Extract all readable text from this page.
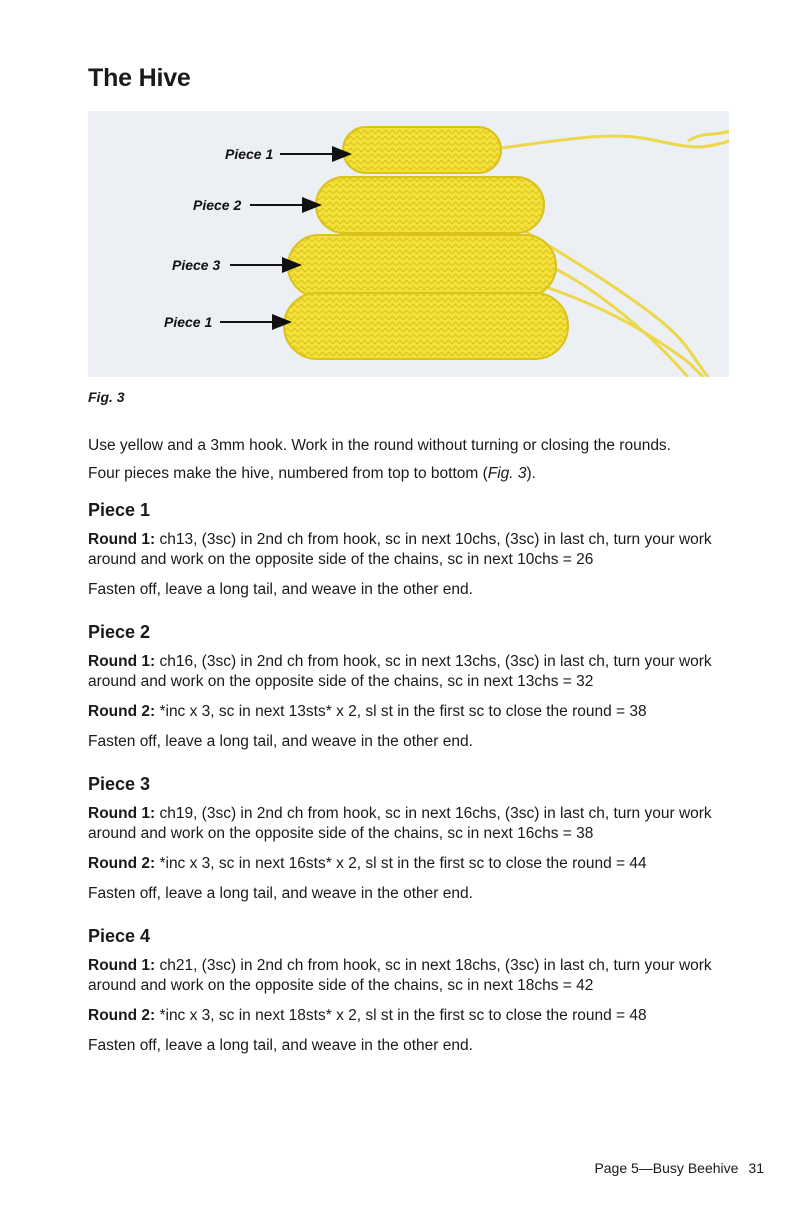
The Hive
Piece 1
Piece 2
Piece 3
Piece 1

Fig. 3

Use yellow and a 3mm hook. Work in the round without turning or closing the rounds.

Four pieces make the hive, numbered from top to bottom (Fig. 3).

Piece 1

Round 1: ch13, (3sc) in 2nd ch from hook, sc in next 10chs, (3sc) in last ch, turn your work around and work on the opposite side of the chains, sc in next 10chs = 26

Fasten off, leave a long tail, and weave in the other end.

Piece 2

Round 1: ch16, (3sc) in 2nd ch from hook, sc in next 13chs, (3sc) in last ch, turn your work around and work on the opposite side of the chains, sc in next 13chs = 32

Round 2: *inc x 3, sc in next 13sts* x 2, sl st in the first sc to close the round = 38

Fasten off, leave a long tail, and weave in the other end.

Piece 3

Round 1: ch19, (3sc) in 2nd ch from hook, sc in next 16chs, (3sc) in last ch, turn your work around and work on the opposite side of the chains, sc in next 16chs = 38

Round 2: *inc x 3, sc in next 16sts* x 2, sl st in the first sc to close the round = 44

Fasten off, leave a long tail, and weave in the other end.

Piece 4

Round 1: ch21, (3sc) in 2nd ch from hook, sc in next 18chs, (3sc) in last ch, turn your work around and work on the opposite side of the chains, sc in next 18chs = 42

Round 2: *inc x 3, sc in next 18sts* x 2, sl st in the first sc to close the round = 48

Fasten off, leave a long tail, and weave in the other end.

Page 5—Busy Beehive 31
